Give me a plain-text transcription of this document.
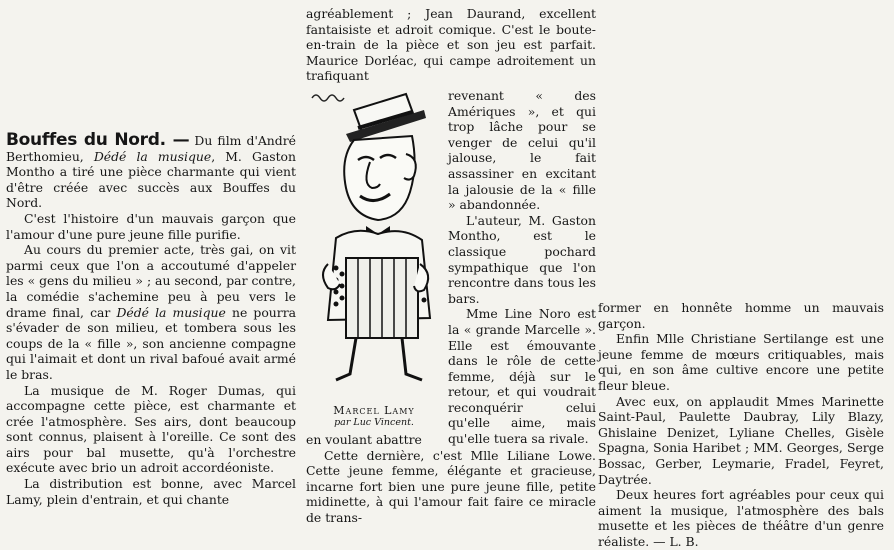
Bouffes du Nord. — Du film d'André Berthomieu, Dédé la musique, M. Gaston Montho a tiré une pièce charmante qui vient d'être créée avec succès aux Bouffes du Nord.

C'est l'histoire d'un mauvais garçon que l'amour d'une pure jeune fille purifie.

Au cours du premier acte, très gai, on vit parmi ceux que l'on a accoutumé d'appeler les « gens du milieu » ; au second, par contre, la comédie s'achemine peu à peu vers le drame final, car Dédé la musique ne pourra s'évader de son milieu, et tombera sous les coups de la « fille », son ancienne compagne qui l'aimait et dont un rival bafoué avait armé le bras.

La musique de M. Roger Dumas, qui accompagne cette pièce, est charmante et crée l'atmosphère. Ses airs, dont beaucoup sont connus, plaisent à l'oreille. Ce sont des airs pour bal musette, qu'à l'orchestre exécute avec brio un adroit accordéoniste.

La distribution est bonne, avec Marcel Lamy, plein d'entrain, et qui chante

agréablement ; Jean Daurand, excellent fantaisiste et adroit comique. C'est le boute-en-train de la pièce et son jeu est parfait. Maurice Dorléac, qui campe adroitement un trafiquant

Marcel Lamy
par Luc Vincent.

revenant « des Amériques », et qui trop lâche pour se venger de celui qu'il jalouse, le fait assassiner en excitant la jalousie de la « fille » abandonnée.

L'auteur, M. Gaston Montho, est le classique pochard sympathique que l'on rencontre dans tous les bars.

Mme Line Noro est la « grande Marcelle ». Elle est émouvante dans le rôle de cette femme, déjà sur le retour, et qui voudrait reconquérir celui qu'elle aime, mais qu'elle tuera sa rivale.

en voulant abattre

Cette dernière, c'est Mlle Liliane Lowe. Cette jeune femme, élégante et gracieuse, incarne fort bien une pure jeune fille, petite midinette, à qui l'amour fait faire ce miracle de trans-

former en honnête homme un mauvais garçon.

Enfin Mlle Christiane Sertilange est une jeune femme de mœurs critiquables, mais qui, en son âme cultive encore une petite fleur bleue.

Avec eux, on applaudit Mmes Marinette Saint-Paul, Paulette Daubray, Lily Blazy, Ghislaine Denizet, Lyliane Chelles, Gisèle Spagna, Sonia Haribet ; MM. Georges, Serge Bossac, Gerber, Leymarie, Fradel, Feyret, Daytrée.

Deux heures fort agréables pour ceux qui aiment la musique, l'atmosphère des bals musette et les pièces de théâtre d'un genre réaliste. — L. B.
